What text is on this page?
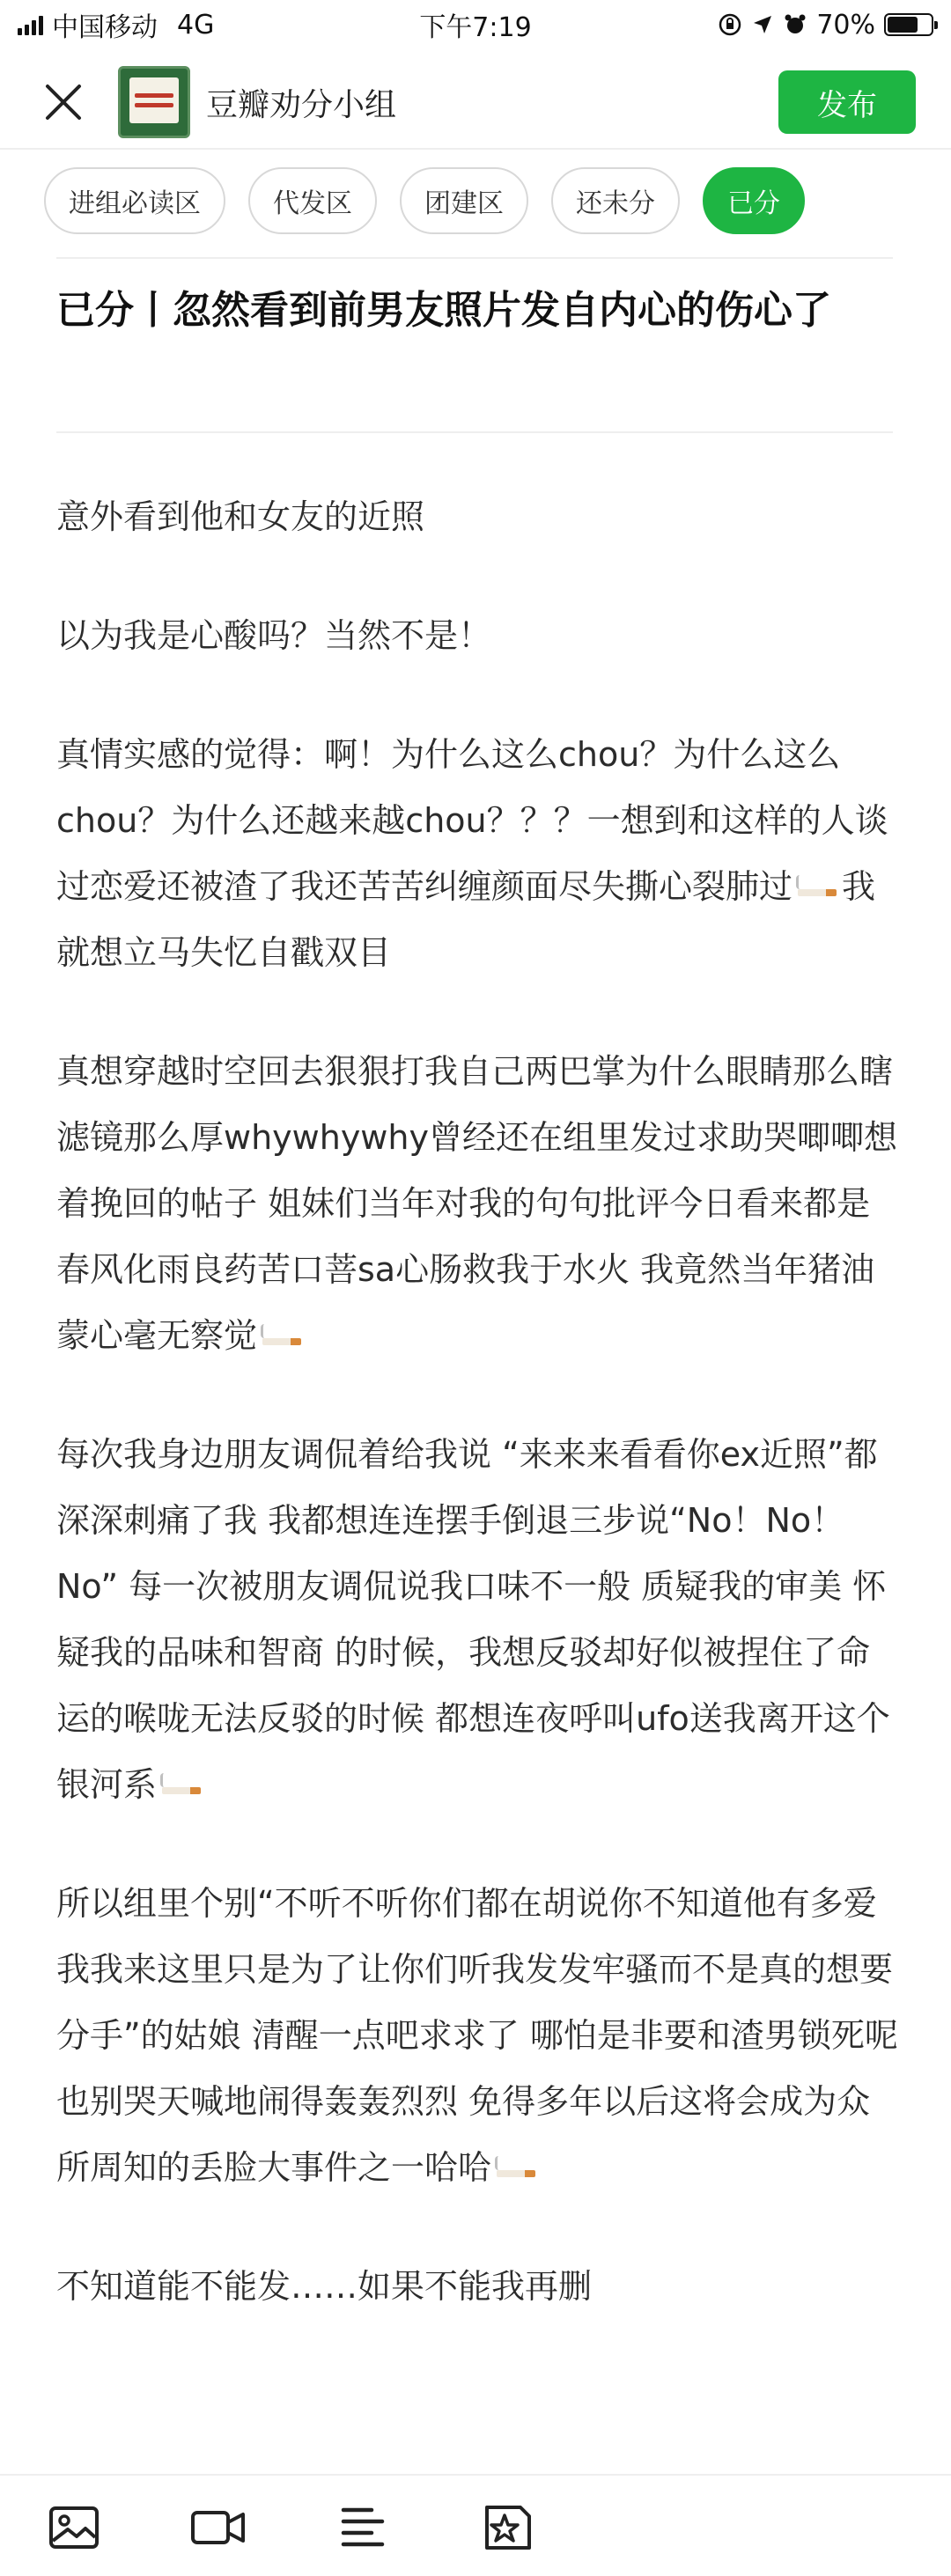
中国移动 4G	下午7:19	70%
豆瓣劝分小组	发布
进组必读区	代发区	团建区	还未分	已分
已分丨忽然看到前男友照片发自内心的伤心了
意外看到他和女友的近照
以为我是心酸吗？当然不是！
真情实感的觉得：啊！为什么这么chou？为什么这么chou？为什么还越来越chou？？？一想到和这样的人谈过恋爱还被渣了我还苦苦纠缠颜面尽失撕心裂肺过 我就想立马失忆自戳双目
真想穿越时空回去狠狠打我自己两巴掌为什么眼睛那么瞎滤镜那么厚whywhywhy曾经还在组里发过求助哭唧唧想着挽回的帖子 姐妹们当年对我的句句批评今日看来都是春风化雨良药苦口菩sa心肠救我于水火 我竟然当年猪油蒙心毫无察觉
每次我身边朋友调侃着给我说 “来来来看看你ex近照”都深深刺痛了我 我都想连连摆手倒退三步说“No！No！No” 每一次被朋友调侃说我口味不一般 质疑我的审美 怀疑我的品味和智商 的时候，我想反驳却好似被捏住了命运的喉咙无法反驳的时候 都想连夜呼叫ufo送我离开这个银河系
所以组里个别“不听不听你们都在胡说你不知道他有多爱我我来这里只是为了让你们听我发发牢骚而不是真的想要分手”的姑娘 清醒一点吧求求了 哪怕是非要和渣男锁死呢 也别哭天喊地闹得轰轰烈烈 免得多年以后这将会成为众所周知的丢脸大事件之一哈哈
不知道能不能发……如果不能我再删
